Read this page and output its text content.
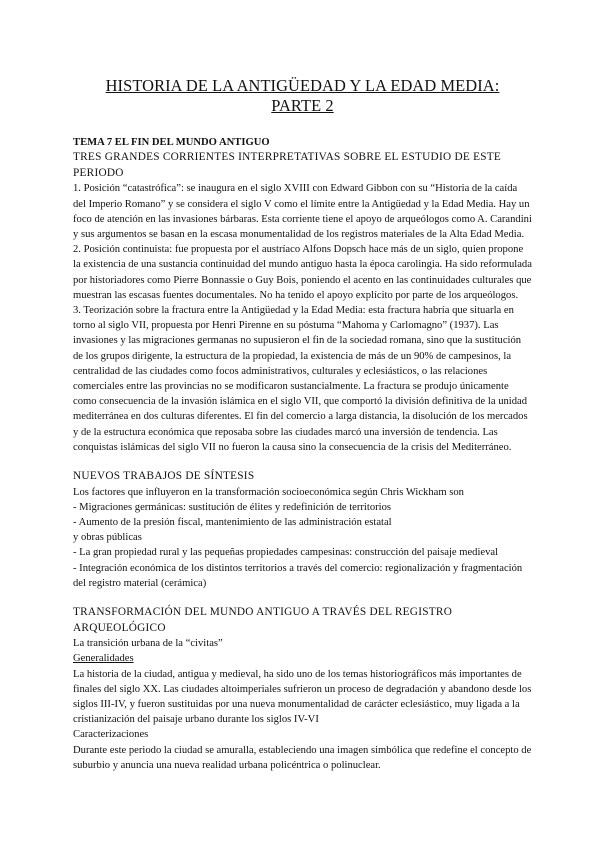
HISTORIA DE LA ANTIGÜEDAD Y LA EDAD MEDIA:
PARTE 2

TEMA 7 EL FIN DEL MUNDO ANTIGUO

TRES GRANDES CORRIENTES INTERPRETATIVAS SOBRE EL ESTUDIO DE ESTE PERIODO

1. Posición “catastrófica”: se inaugura en el siglo XVIII con Edward Gibbon con su “Historia de la caída del Imperio Romano” y se considera el siglo V como el límite entre la Antigüedad y la Edad Media. Hay un foco de atención en las invasiones bárbaras. Esta corriente tiene el apoyo de arqueólogos como A. Carandini y sus argumentos se basan en la escasa monumentalidad de los registros materiales de la Alta Edad Media.

2. Posición continuista: fue propuesta por el austríaco Alfons Dopsch hace más de un siglo, quien propone la existencia de una sustancia continuidad del mundo antiguo hasta la época carolingia. Ha sido reformulada por historiadores como Pierre Bonnassie o Guy Bois, poniendo el acento en las continuidades culturales que muestran las escasas fuentes documentales. No ha tenido el apoyo explícito por parte de los arqueólogos.

3. Teorización sobre la fractura entre la Antigüedad y la Edad Media: esta fractura habría que situarla en torno al siglo VII, propuesta por Henri Pirenne en su póstuma “Mahoma y Carlomagno” (1937). Las invasiones y las migraciones germanas no supusieron el fin de la sociedad romana, sino que la sustitución de los grupos dirigente, la estructura de la propiedad, la existencia de más de un 90% de campesinos, la centralidad de las ciudades como focos administrativos, culturales y eclesiásticos, o las relaciones comerciales entre las provincias no se modificaron sustancialmente. La fractura se produjo únicamente como consecuencia de la invasión islámica en el siglo VII, que comportó la división definitiva de la unidad mediterránea en dos culturas diferentes. El fin del comercio a larga distancia, la disolución de los mercados y de la estructura económica que reposaba sobre las ciudades marcó una inversión de tendencia. Las conquistas islámicas del siglo VII no fueron la causa sino la consecuencia de la crisis del Mediterráneo.

NUEVOS TRABAJOS DE SÍNTESIS

Los factores que influyeron en la transformación socioeconómica según Chris Wickham son

- Migraciones germánicas: sustitución de élites y redefinición de territorios

- Aumento de la presión fiscal, mantenimiento de las administración estatal

y obras públicas

- La gran propiedad rural y las pequeñas propiedades campesinas: construcción del paisaje medieval

- Integración económica de los distintos territorios a través del comercio: regionalización y fragmentación del registro material (cerámica)

TRANSFORMACIÓN DEL MUNDO ANTIGUO A TRAVÉS DEL REGISTRO ARQUEOLÓGICO

La transición urbana de la “civitas”

Generalidades

La historia de la ciudad, antigua y medieval, ha sido uno de los temas historiográficos más importantes de finales del siglo XX. Las ciudades altoimperiales sufrieron un proceso de degradación y abandono desde los siglos III-IV, y fueron sustituidas por una nueva monumentalidad de carácter eclesiástico, muy ligada a la cristianización del paisaje urbano durante los siglos IV-VI

Caracterizaciones

Durante este periodo la ciudad se amuralla, estableciendo una imagen simbólica que redefine el concepto de suburbio y anuncia una nueva realidad urbana policéntrica o polinuclear.
